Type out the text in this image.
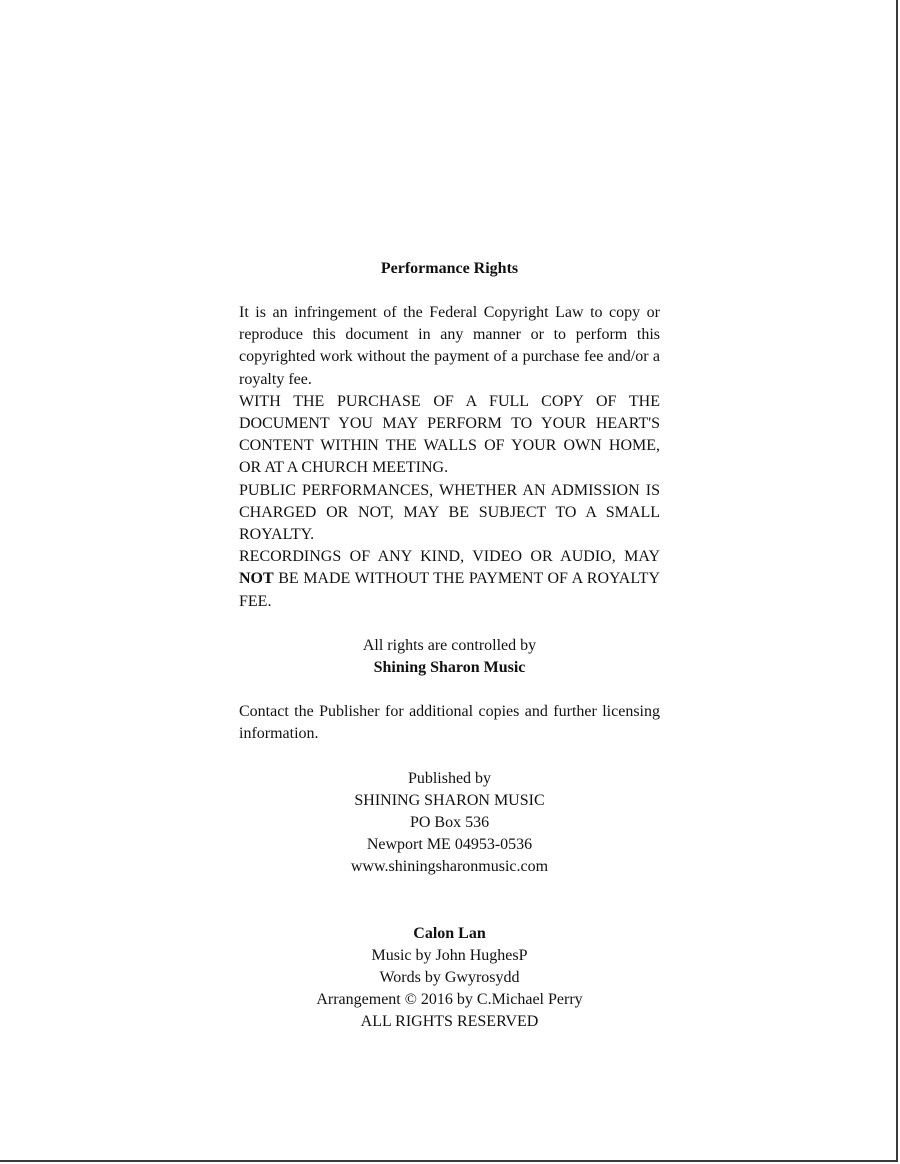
Performance Rights

It is an infringement of the Federal Copyright Law to copy or reproduce this document in any manner or to perform this copyrighted work without the payment of a purchase fee and/or a royalty fee.

WITH THE PURCHASE OF A FULL COPY OF THE DOCUMENT YOU MAY PERFORM TO YOUR HEART'S CONTENT WITHIN THE WALLS OF YOUR OWN HOME, OR AT A CHURCH MEETING.

PUBLIC PERFORMANCES, WHETHER AN ADMISSION IS CHARGED OR NOT, MAY BE SUBJECT TO A SMALL ROYALTY.

RECORDINGS OF ANY KIND, VIDEO OR AUDIO, MAY NOT BE MADE WITHOUT THE PAYMENT OF A ROYALTY FEE.

All rights are controlled by

Shining Sharon Music

Contact the Publisher for additional copies and further licensing information.

Published by

SHINING SHARON MUSIC

PO Box 536

Newport ME 04953-0536

www.shiningsharonmusic.com

Calon Lan

Music by John HughesP

Words by Gwyrosydd

Arrangement © 2016 by C.Michael Perry

ALL RIGHTS RESERVED
